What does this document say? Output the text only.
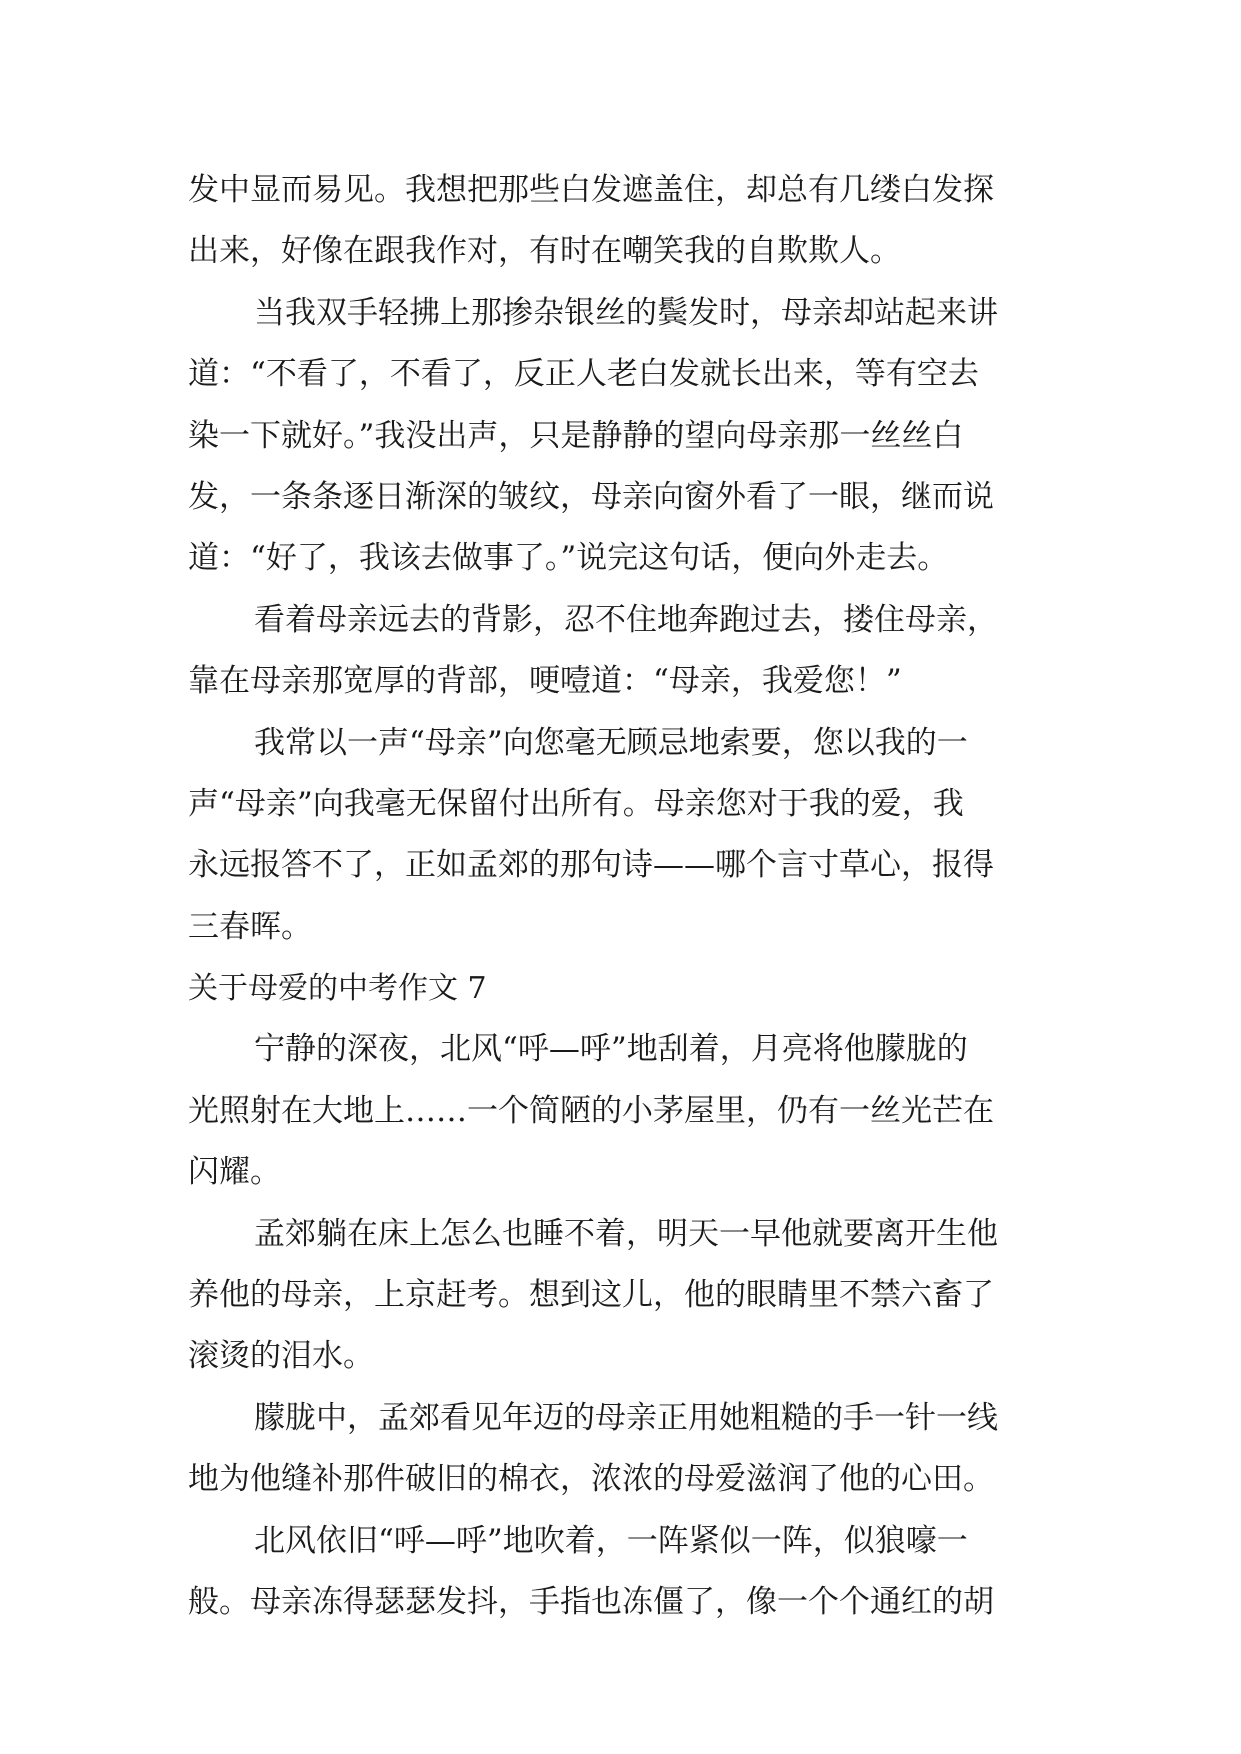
发中显而易见。我想把那些白发遮盖住，却总有几缕白发探
出来，好像在跟我作对，有时在嘲笑我的自欺欺人。
当我双手轻拂上那掺杂银丝的鬓发时，母亲却站起来讲
道：“不看了，不看了，反正人老白发就长出来，等有空去
染一下就好。”我没出声，只是静静的望向母亲那一丝丝白
发，一条条逐日渐深的皱纹，母亲向窗外看了一眼，继而说
道：“好了，我该去做事了。”说完这句话，便向外走去。
看着母亲远去的背影，忍不住地奔跑过去，搂住母亲，
靠在母亲那宽厚的背部，哽噎道：“母亲，我爱您！”
我常以一声“母亲”向您毫无顾忌地索要，您以我的一
声“母亲”向我毫无保留付出所有。母亲您对于我的爱，我
永远报答不了，正如孟郊的那句诗——哪个言寸草心，报得
三春晖。
关于母爱的中考作文 7
宁静的深夜，北风“呼—呼”地刮着，月亮将他朦胧的
光照射在大地上……一个简陋的小茅屋里，仍有一丝光芒在
闪耀。
孟郊躺在床上怎么也睡不着，明天一早他就要离开生他
养他的母亲，上京赶考。想到这儿，他的眼睛里不禁六畜了
滚烫的泪水。
朦胧中，孟郊看见年迈的母亲正用她粗糙的手一针一线
地为他缝补那件破旧的棉衣，浓浓的母爱滋润了他的心田。
北风依旧“呼—呼”地吹着，一阵紧似一阵，似狼嚎一
般。母亲冻得瑟瑟发抖，手指也冻僵了，像一个个通红的胡
